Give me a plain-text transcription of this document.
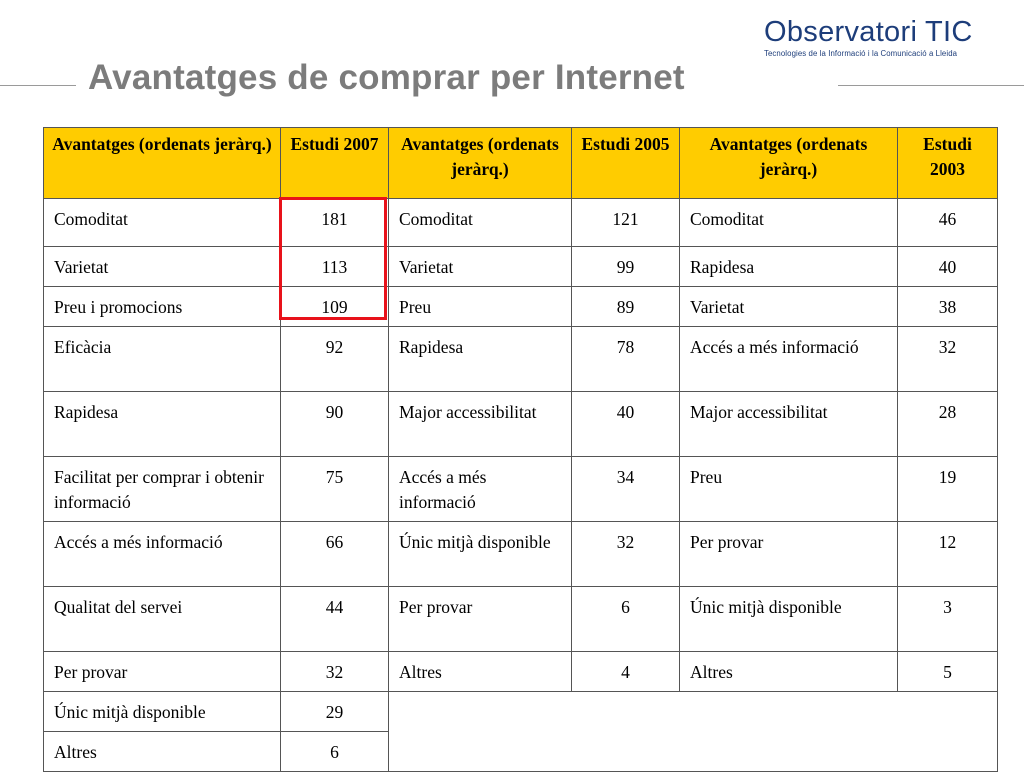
Avantatges de comprar per Internet
Observatori TIC
Tecnologies de la Informació i la Comunicació a Lleida
Avantatges (ordenats jeràrq.)	Estudi 2007	Avantatges (ordenats jeràrq.)	Estudi 2005	Avantatges (ordenats jeràrq.)	Estudi 2003
Comoditat	181	Comoditat	121	Comoditat	46
Varietat	113	Varietat	99	Rapidesa	40
Preu i promocions	109	Preu	89	Varietat	38
Eficàcia	92	Rapidesa	78	Accés a més informació	32
Rapidesa	90	Major accessibilitat	40	Major accessibilitat	28
Facilitat per comprar i obtenir informació	75	Accés a més informació	34	Preu	19
Accés a més informació	66	Únic mitjà disponible	32	Per provar	12
Qualitat del servei	44	Per provar	6	Únic mitjà disponible	3
Per provar	32	Altres	4	Altres	5
Únic mitjà disponible	29				
Altres	6				
